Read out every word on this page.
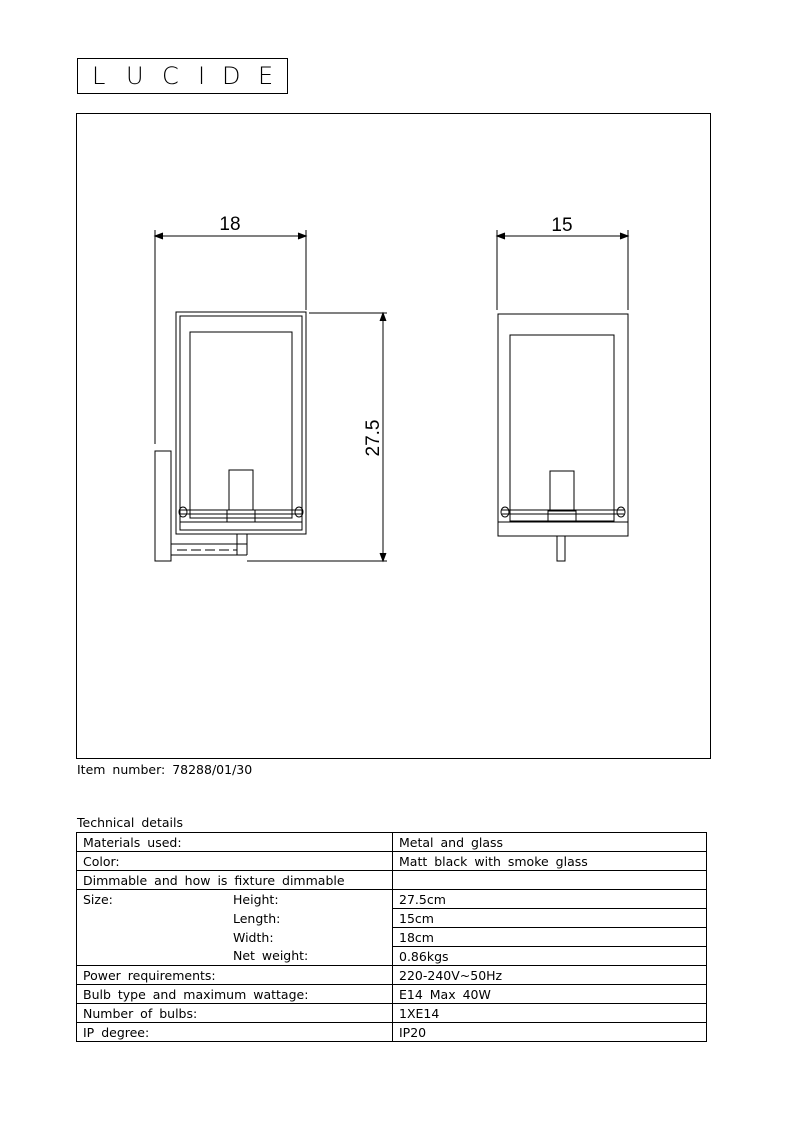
L U C I D E
18	15
27.5
Item number: 78288/01/30
Technical details
Materials used:	Metal and glass
Color:	Matt black with smoke glass
Dimmable and how is fixture dimmable	
Size: Height:	27.5cm
Length:	15cm
Width:	18cm
Net weight:	0.86kgs
Power requirements:	220-240V~50Hz
Bulb type and maximum wattage:	E14 Max 40W
Number of bulbs:	1XE14
IP degree:	IP20
